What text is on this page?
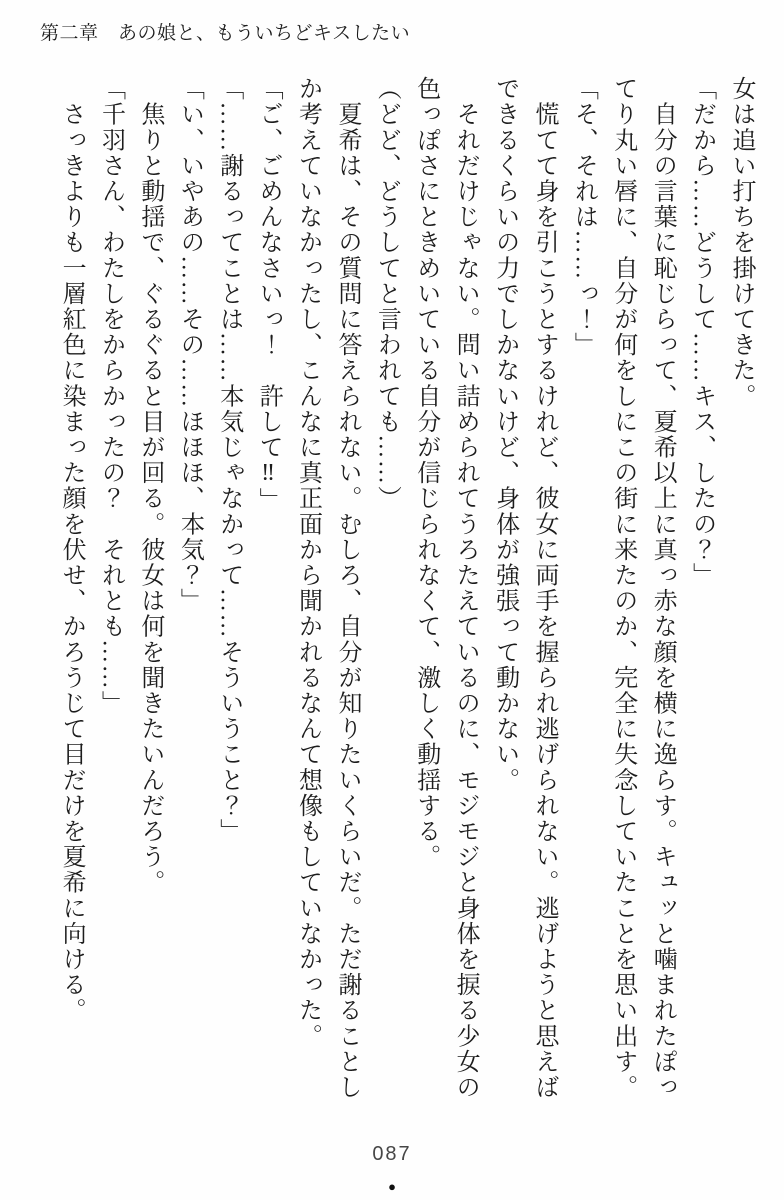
第二章　あの娘と、もういちどキスしたい

女は追い打ちを掛けてきた。

「だから……どうして……キス、したの？」

　自分の言葉に恥じらって、夏希以上に真っ赤な顔を横に逸らす。キュッと噛まれたぽっ

てり丸い唇に、自分が何をしにこの街に来たのか、完全に失念していたことを思い出す。

「そ、それは……っ！」

　慌てて身を引こうとするけれど、彼女に両手を握られ逃げられない。逃げようと思えば

できるくらいの力でしかないけど、身体が強張って動かない。

　それだけじゃない。問い詰められてうろたえているのに、モジモジと身体を捩る少女の

色っぽさにときめいている自分が信じられなくて、激しく動揺する。

（どど、どうしてと言われても……）

　夏希は、その質問に答えられない。むしろ、自分が知りたいくらいだ。ただ謝ることし

か考えていなかったし、こんなに真正面から聞かれるなんて想像もしていなかった。

「ご、ごめんなさいっ！　許して‼」

「……謝るってことは……本気じゃなかって……そういうこと？」

「い、いやあの……その……ほほほ、本気？」

　焦りと動揺で、ぐるぐると目が回る。彼女は何を聞きたいんだろう。

「千羽さん、わたしをからかったの？　それとも……」

　さっきよりも一層紅色に染まった顔を伏せ、かろうじて目だけを夏希に向ける。

087
●
